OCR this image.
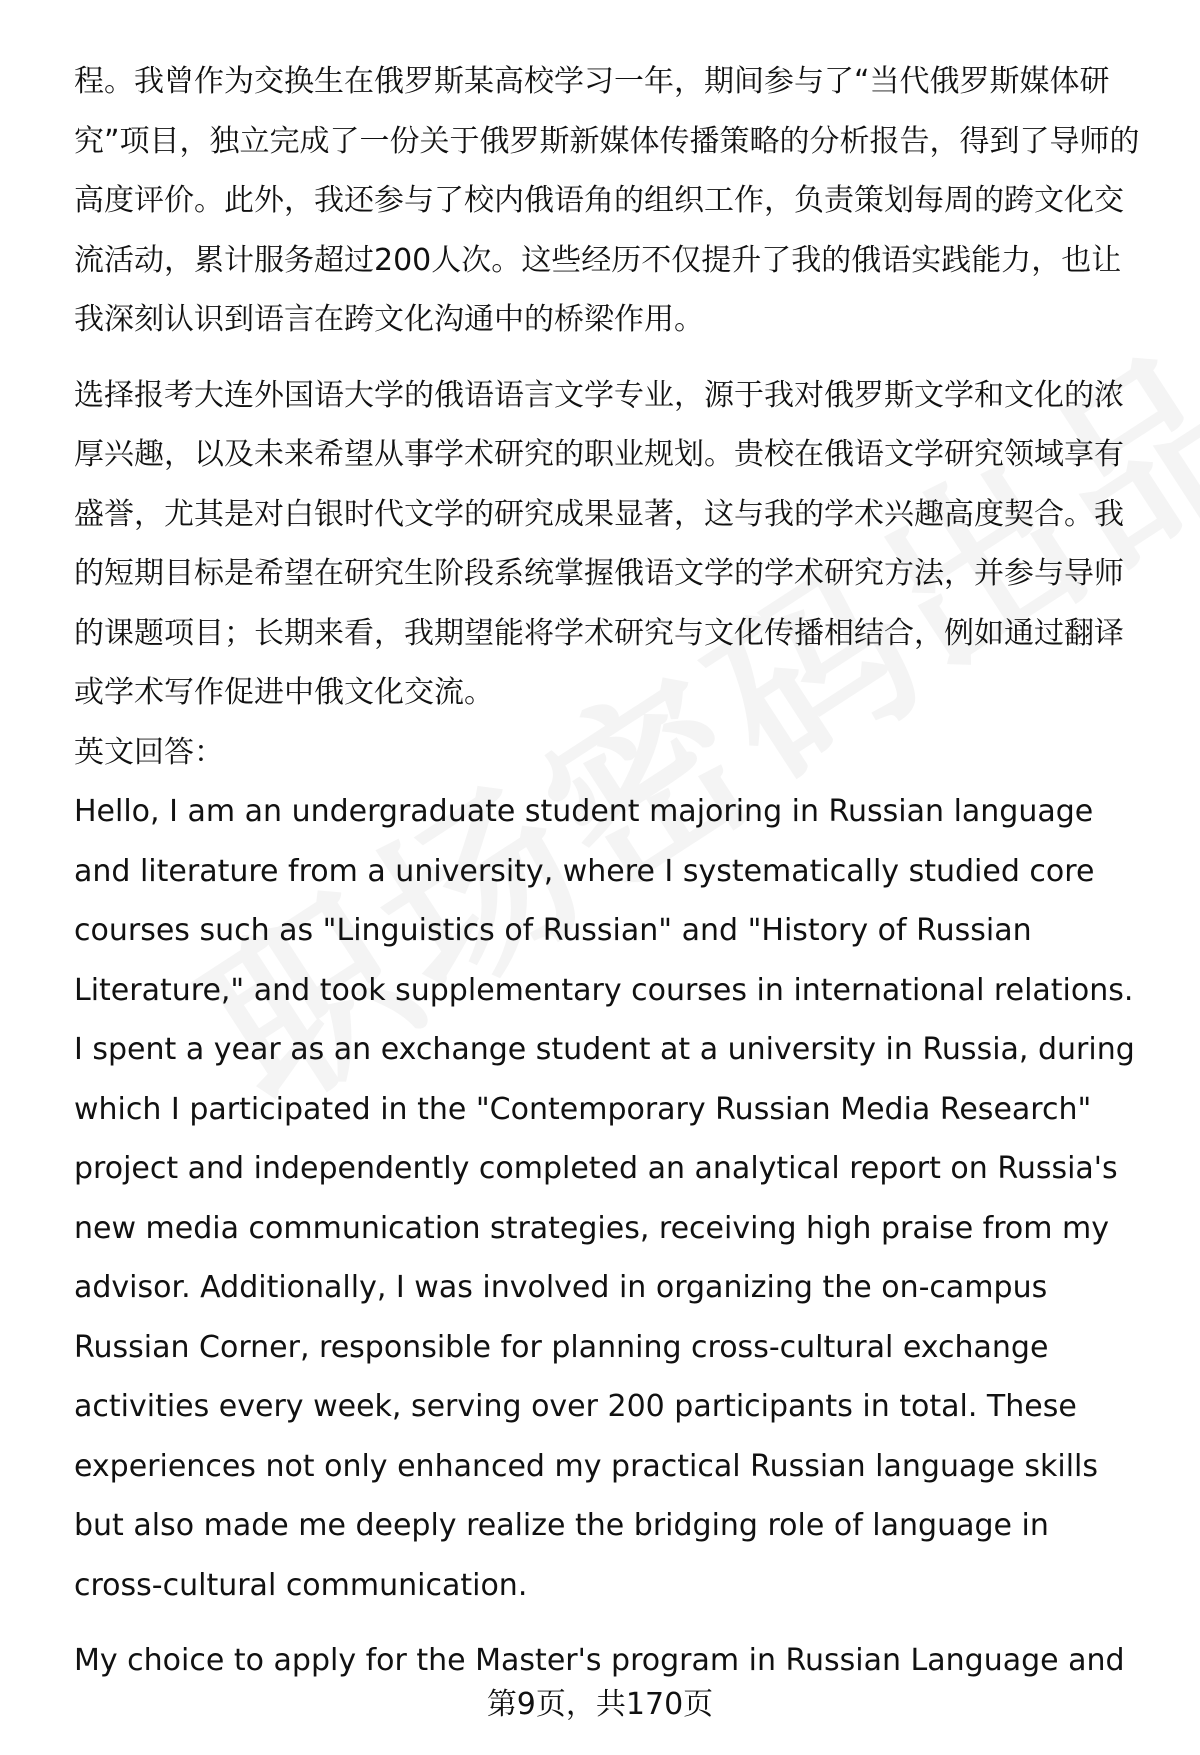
程。我曾作为交换生在俄罗斯某高校学习一年，期间参与了“当代俄罗斯媒体研究”项目，独立完成了一份关于俄罗斯新媒体传播策略的分析报告，得到了导师的高度评价。此外，我还参与了校内俄语角的组织工作，负责策划每周的跨文化交流活动，累计服务超过200人次。这些经历不仅提升了我的俄语实践能力，也让我深刻认识到语言在跨文化沟通中的桥梁作用。

选择报考大连外国语大学的俄语语言文学专业，源于我对俄罗斯文学和文化的浓厚兴趣，以及未来希望从事学术研究的职业规划。贵校在俄语文学研究领域享有盛誉，尤其是对白银时代文学的研究成果显著，这与我的学术兴趣高度契合。我的短期目标是希望在研究生阶段系统掌握俄语文学的学术研究方法，并参与导师的课题项目；长期来看，我期望能将学术研究与文化传播相结合，例如通过翻译或学术写作促进中俄文化交流。

英文回答：

Hello, I am an undergraduate student majoring in Russian language and literature from a university, where I systematically studied core courses such as "Linguistics of Russian" and "History of Russian Literature," and took supplementary courses in international relations. I spent a year as an exchange student at a university in Russia, during which I participated in the "Contemporary Russian Media Research" project and independently completed an analytical report on Russia's new media communication strategies, receiving high praise from my advisor. Additionally, I was involved in organizing the on-campus Russian Corner, responsible for planning cross-cultural exchange activities every week, serving over 200 participants in total. These experiences not only enhanced my practical Russian language skills but also made me deeply realize the bridging role of language in cross-cultural communication.

My choice to apply for the Master's program in Russian Language and

第9页，共170页
